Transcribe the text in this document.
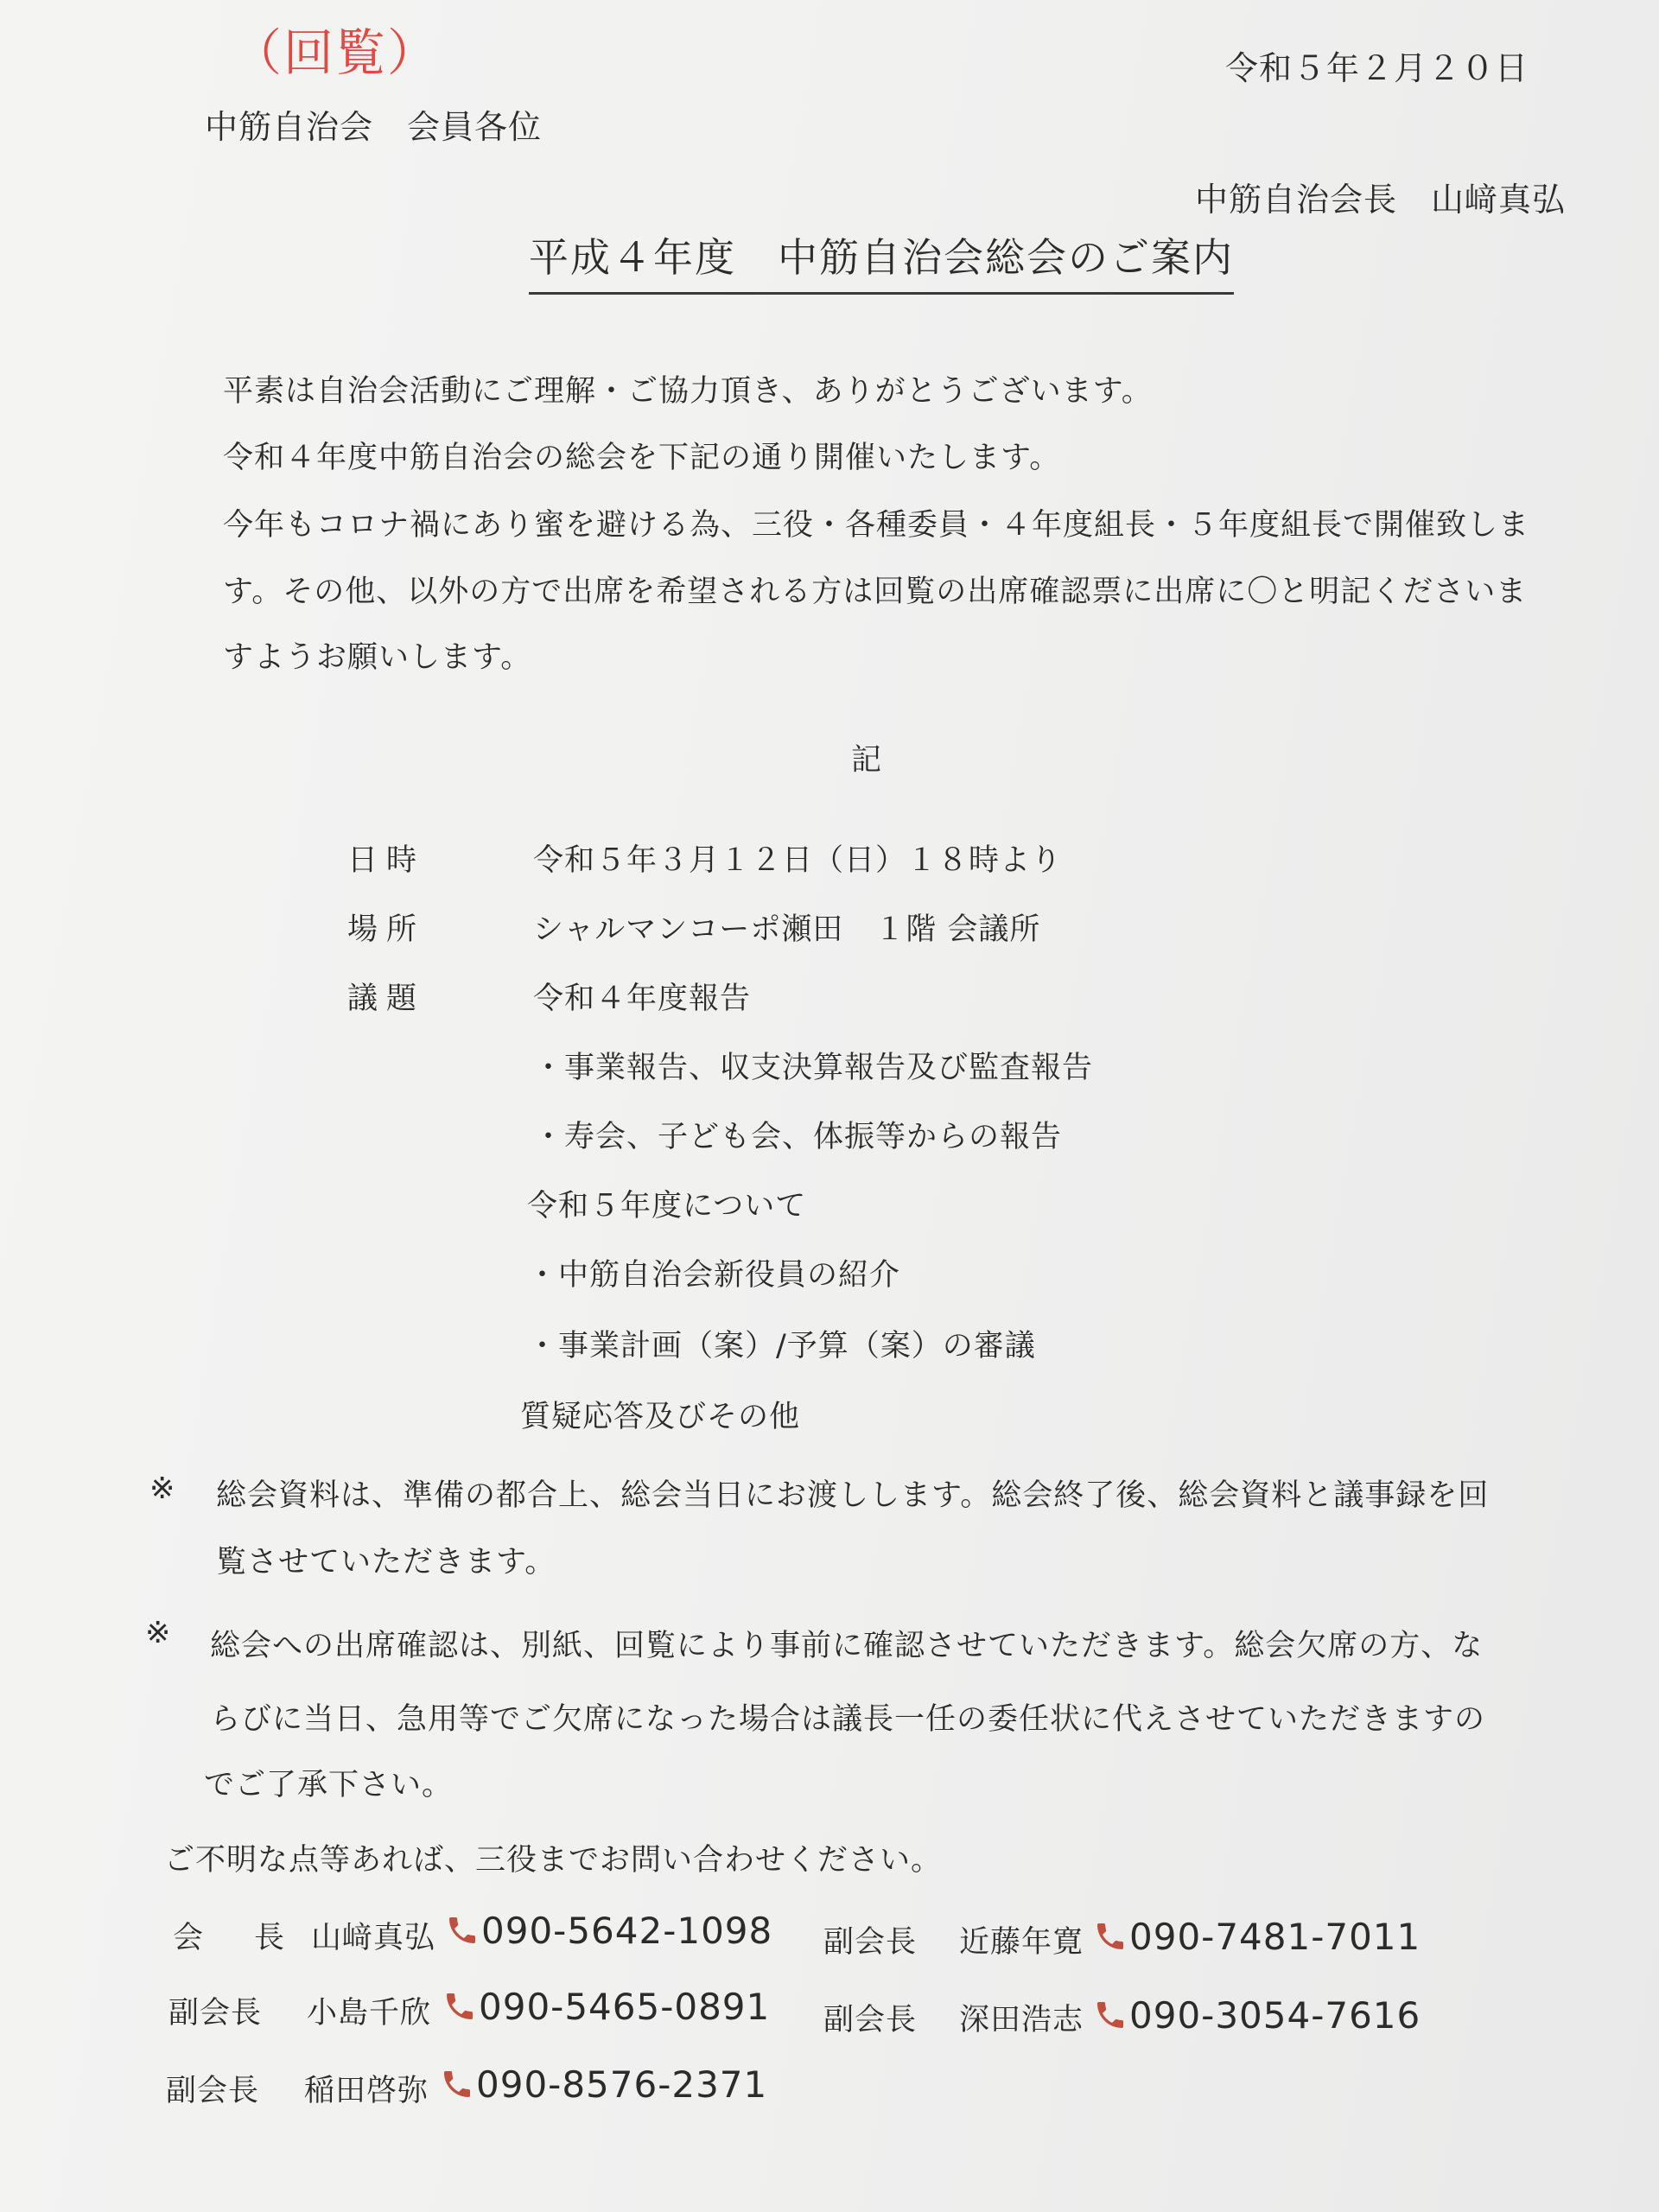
（回覧）	令和５年２月２０日
中筋自治会　会員各位
中筋自治会長　山﨑真弘
平成４年度　中筋自治会総会のご案内
平素は自治会活動にご理解・ご協力頂き、ありがとうございます。
令和４年度中筋自治会の総会を下記の通り開催いたします。
今年もコロナ禍にあり蜜を避ける為、三役・各種委員・４年度組長・５年度組長で開催致しま
す。その他、以外の方で出席を希望される方は回覧の出席確認票に出席に〇と明記くださいま
すようお願いします。
記
日時	令和５年３月１２日（日）１８時より
場所	シャルマンコーポ瀬田　１階 会議所
議題	令和４年度報告
・事業報告、収支決算報告及び監査報告
・寿会、子ども会、体振等からの報告
令和５年度について
・中筋自治会新役員の紹介
・事業計画（案）/予算（案）の審議
質疑応答及びその他
※ 総会資料は、準備の都合上、総会当日にお渡しします。総会終了後、総会資料と議事録を回
覧させていただきます。
※ 総会への出席確認は、別紙、回覧により事前に確認させていただきます。総会欠席の方、な
らびに当日、急用等でご欠席になった場合は議長一任の委任状に代えさせていただきますの
でご了承下さい。
ご不明な点等あれば、三役までお問い合わせください。
会　長 山﨑真弘	090-5642-1098 副会長 近藤年寛	090-7481-7011
副会長 小島千欣	090-5465-0891 副会長 深田浩志	090-3054-7616
副会長 稲田啓弥	090-8576-2371
